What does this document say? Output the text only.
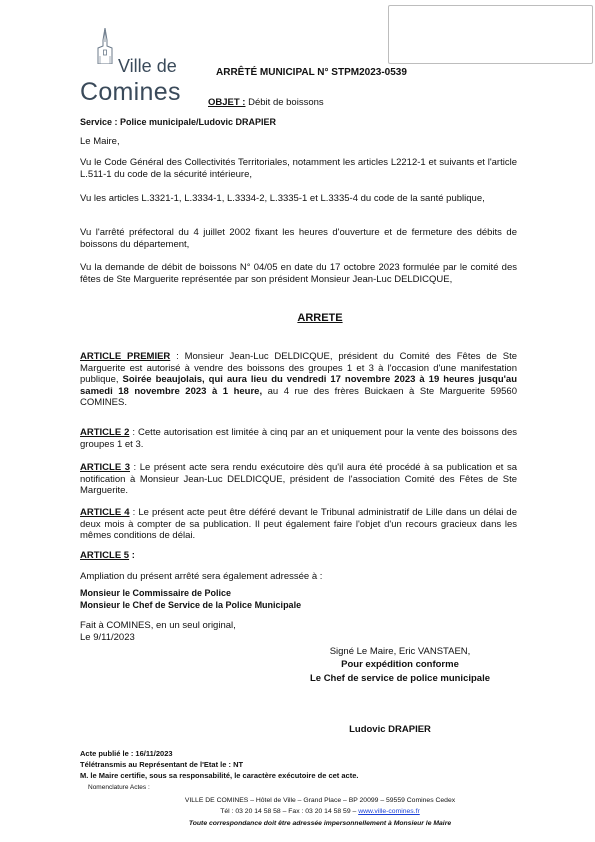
Ville de
Comines
ARRÊTÉ MUNICIPAL N° STPM2023-0539
OBJET : Débit de boissons
Service : Police municipale/Ludovic DRAPIER
Le Maire,
Vu le Code Général des Collectivités Territoriales, notamment les articles L2212-1 et suivants et l'article L.511-1 du code de la sécurité intérieure,
Vu les articles L.3321-1, L.3334-1, L.3334-2, L.3335-1 et L.3335-4 du code de la santé publique,
Vu l'arrêté préfectoral du 4 juillet 2002 fixant les heures d'ouverture et de fermeture des débits de boissons du département,
Vu la demande de débit de boissons N° 04/05 en date du 17 octobre 2023 formulée par le comité des fêtes de Ste Marguerite représentée par son président Monsieur Jean-Luc DELDICQUE,
ARRETE
ARTICLE PREMIER : Monsieur Jean-Luc DELDICQUE, président du Comité des Fêtes de Ste Marguerite est autorisé à vendre des boissons des groupes 1 et 3 à l'occasion d'une manifestation publique, Soirée beaujolais, qui aura lieu du vendredi 17 novembre 2023 à 19 heures jusqu'au samedi 18 novembre 2023 à 1 heure, au 4 rue des frères Buickaen à Ste Marguerite 59560 COMINES.
ARTICLE 2 : Cette autorisation est limitée à cinq par an et uniquement pour la vente des boissons des groupes 1 et 3.
ARTICLE 3 : Le présent acte sera rendu exécutoire dès qu'il aura été procédé à sa publication et sa notification à Monsieur Jean-Luc DELDICQUE, président de l'association Comité des Fêtes de Ste Marguerite.
ARTICLE 4 : Le présent acte peut être déféré devant le Tribunal administratif de Lille dans un délai de deux mois à compter de sa publication. Il peut également faire l'objet d'un recours gracieux dans les mêmes conditions de délai.
ARTICLE 5 :
Ampliation du présent arrêté sera également adressée à :
Monsieur le Commissaire de Police
Monsieur le Chef de Service de la Police Municipale
Fait à COMINES, en un seul original,
Le 9/11/2023
Signé Le Maire, Eric VANSTAEN,
Pour expédition conforme
Le Chef de service de police municipale
Ludovic DRAPIER
Acte publié le : 16/11/2023
Télétransmis au Représentant de l'Etat le : NT
M. le Maire certifie, sous sa responsabilité, le caractère exécutoire de cet acte.
Nomenclature Actes :
VILLE DE COMINES – Hôtel de Ville – Grand Place – BP 20099 – 59559 Comines Cedex
Tél : 03 20 14 58 58 – Fax : 03 20 14 58 59 – www.ville-comines.fr
Toute correspondance doit être adressée impersonnellement à Monsieur le Maire
